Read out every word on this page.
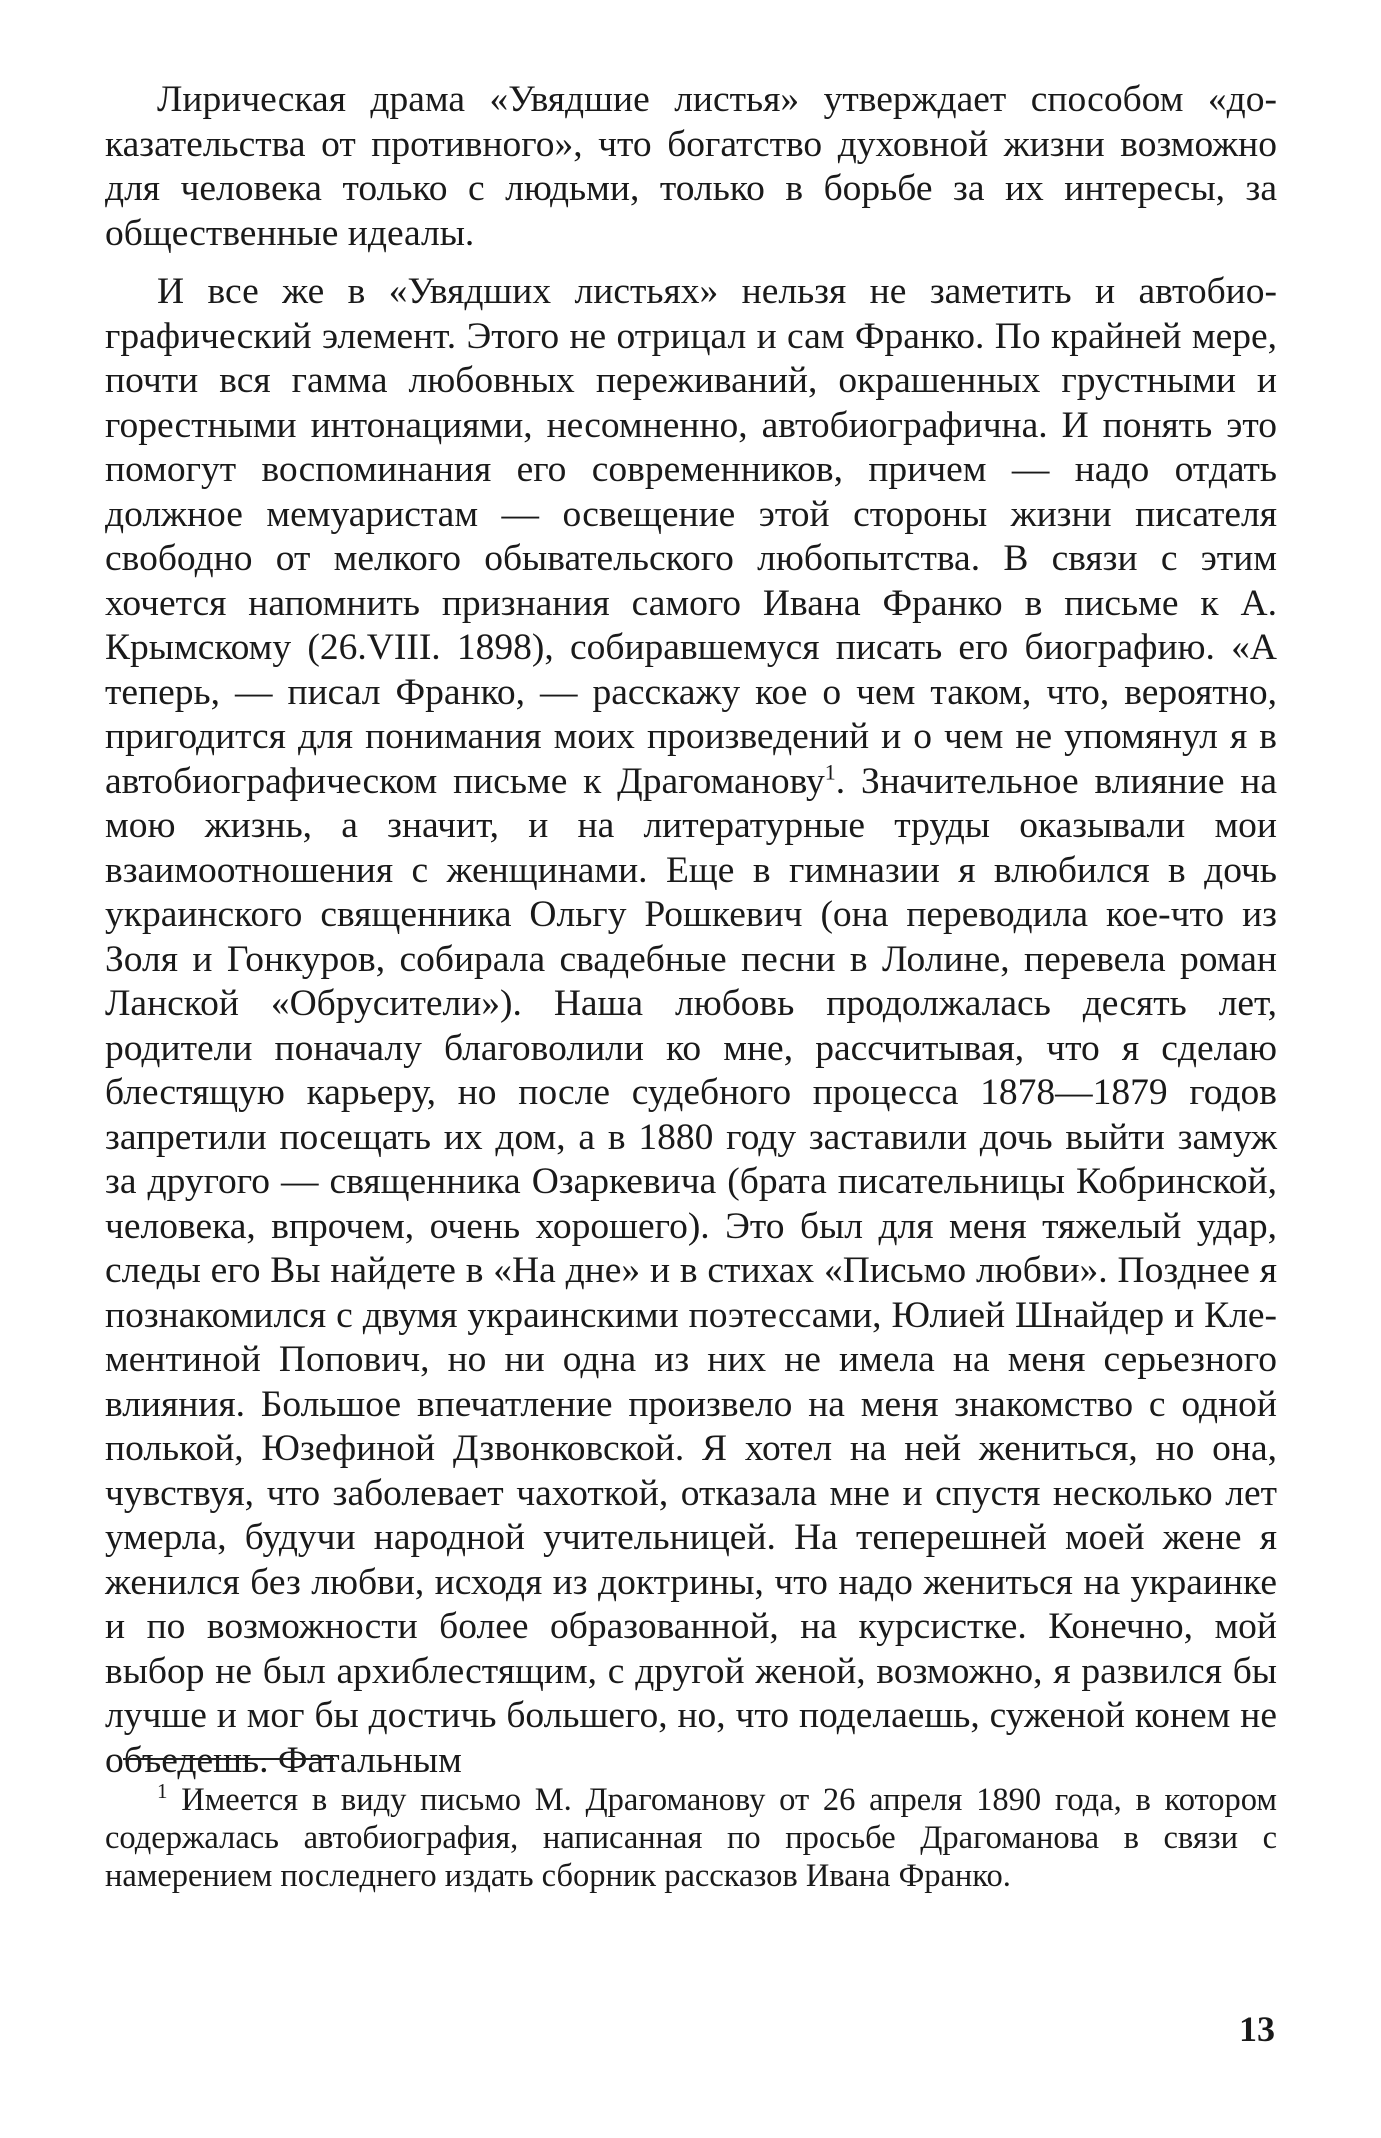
Лирическая драма «Увядшие листья» утверждает способом «доказательства от противного», что богатство духовной жизни возможно для человека только с людьми, только в борьбе за их интересы, за общественные идеалы.

И все же в «Увядших листьях» нельзя не заметить и автобиографический элемент. Этого не отрицал и сам Франко. По крайней мере, почти вся гамма любовных переживаний, окрашенных грустными и горестными интонациями, несомненно, автобиографична. И понять это помогут воспоминания его современников, причем — надо отдать должное мемуаристам — освещение этой стороны жизни писателя свободно от мелкого обывательского любопытства. В связи с этим хочется напомнить признания самого Ивана Франко в письме к А. Крымскому (26.VIII. 1898), собиравшемуся писать его биографию. «А теперь, — писал Франко, — расскажу кое о чем таком, что, вероятно, пригодится для понимания моих произведений и о чем не упомянул я в автобиографическом письме к Драгоманову$^1$. Значительное влияние на мою жизнь, а значит, и на литературные труды оказывали мои взаимоотношения с женщинами. Еще в гимназии я влюбился в дочь украинского священника Ольгу Рошкевич (она переводила кое-что из Золя и Гонкуров, собирала свадебные песни в Лолине, перевела роман Ланской «Обрусители»). Наша любовь продолжалась десять лет, родители поначалу благоволили ко мне, рассчитывая, что я сделаю блестящую карьеру, но после судебного процесса 1878—1879 годов запретили посещать их дом, а в 1880 году заставили дочь выйти замуж за другого — священника Озаркевича (брата писательницы Кобринской, человека, впрочем, очень хорошего). Это был для меня тяжелый удар, следы его Вы найдете в «На дне» и в стихах «Письмо любви». Позднее я познакомился с двумя украинскими поэтессами, Юлией Шнайдер и Клементиной Попович, но ни одна из них не имела на меня серьезного влияния. Большое впечатление произвело на меня знакомство с одной полькой, Юзефиной Дзвонковской. Я хотел на ней жениться, но она, чувствуя, что заболевает чахоткой, отказала мне и спустя несколько лет умерла, будучи народной учительницей. На теперешней моей жене я женился без любви, исходя из доктрины, что надо жениться на украинке и по возможности более образованной, на курсистке. Конечно, мой выбор не был архиблестящим, с другой женой, возможно, я развился бы лучше и мог бы достичь большего, но, что поделаешь, суженой конем не объедешь. Фатальным

$^1$ Имеется в виду письмо М. Драгоманову от 26 апреля 1890 года, в котором содержалась автобиография, написанная по просьбе Драгоманова в связи с намерением последнего издать сборник рассказов Ивана Франко.
13
